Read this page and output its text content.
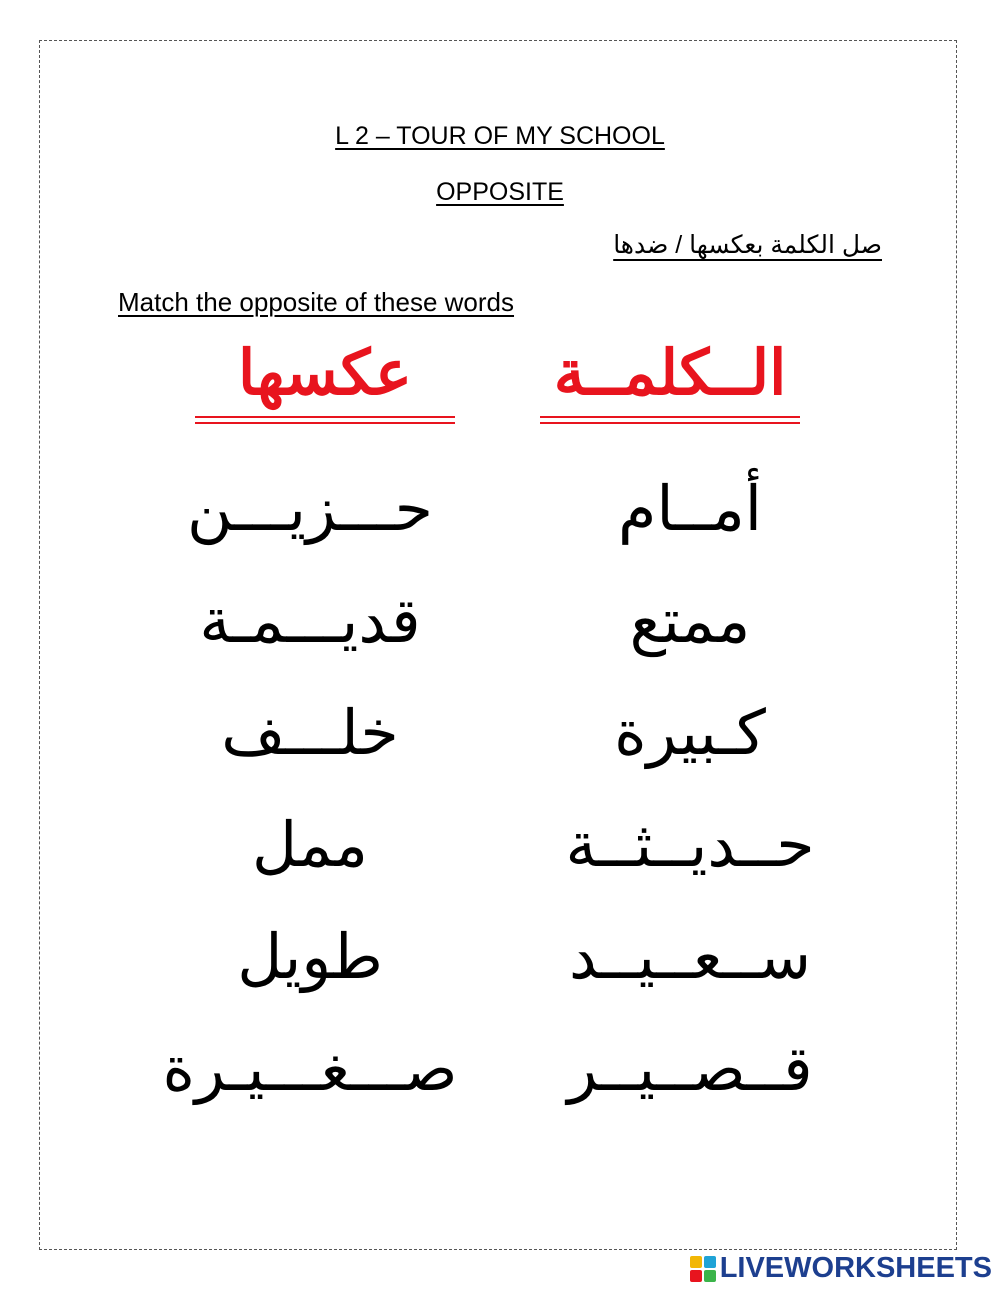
L 2 – TOUR OF MY SCHOOL
OPPOSITE
صل الكلمة بعكسها / ضدها
Match the opposite of these words
الــكلمــة
عكسها
أمــام
ممتع
كـبيرة
حــديــثــة
ســعــيــد
قــصــيــر
حـــزيـــن
قديـــمـة
خلـــف
ممل
طويل
صـــغـــيـرة
LIVEWORKSHEETS
